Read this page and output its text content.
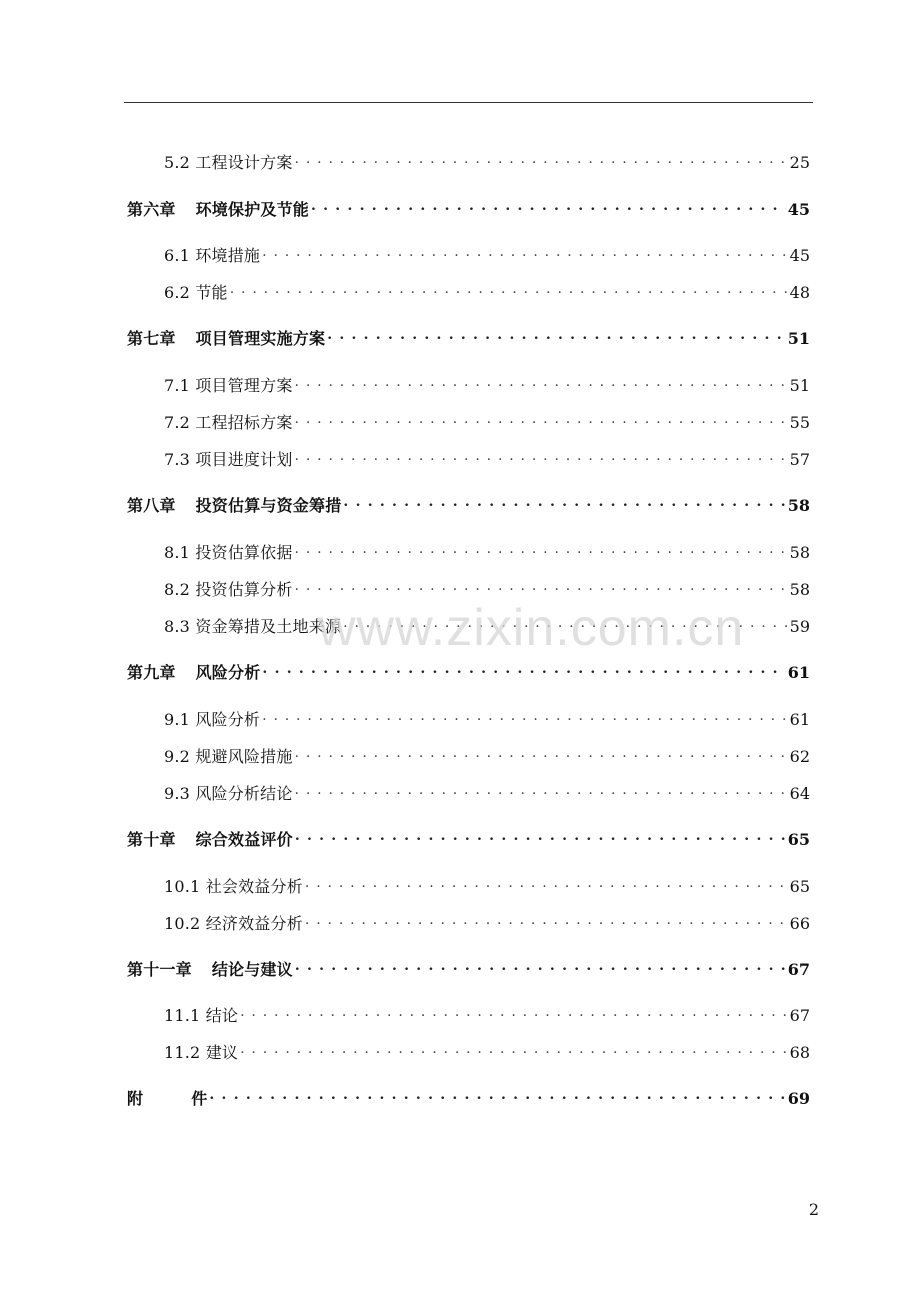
5.2 工程设计方案 . . .	25
第六章 环境保护及节能 . . .	45
6.1 环境措施 . . .	45
6.2 节能 . . .	48
第七章 项目管理实施方案 . . .	51
7.1 项目管理方案 . . .	51
7.2 工程招标方案 . . .	55
7.3 项目进度计划 . . .	57
第八章 投资估算与资金筹措 . . .	58
8.1 投资估算依据 . . .	58
8.2 投资估算分析 . . .	58
8.3 资金筹措及土地来源 . . .	59
第九章 风险分析 . . .	61
9.1 风险分析 . . .	61
9.2 规避风险措施 . . .	62
9.3 风险分析结论 . . .	64
第十章 综合效益评价 . . .	65
10.1 社会效益分析 . . .	65
10.2 经济效益分析 . . .	66
第十一章 结论与建议 . . .	67
11.1 结论 . . .	67
11.2 建议 . . .	68
附	件 . . .	69
www.zixin.com.cn
2
